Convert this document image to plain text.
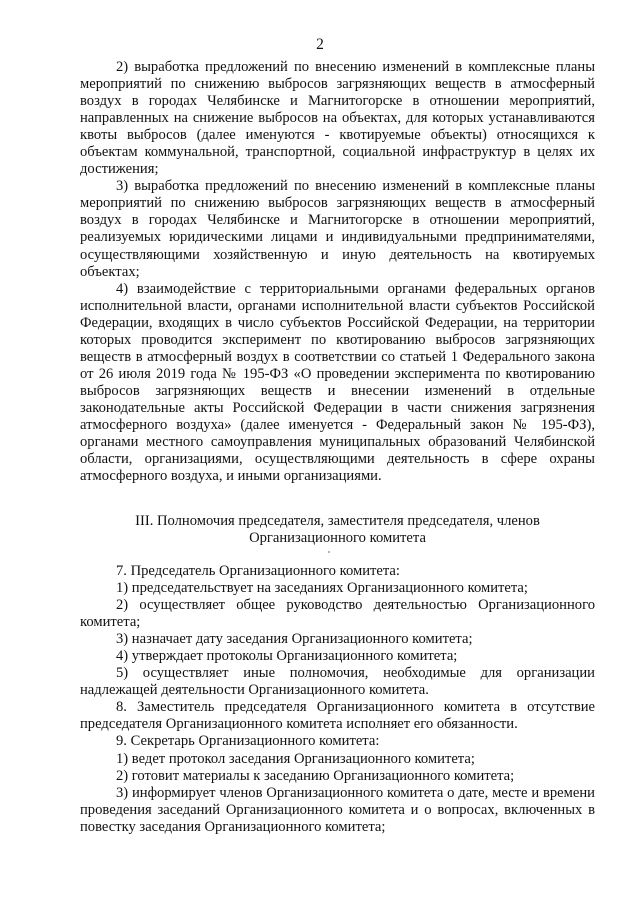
2

2) выработка предложений по внесению изменений в комплексные планы мероприятий по снижению выбросов загрязняющих веществ в атмосферный воздух в городах Челябинске и Магнитогорске в отношении мероприятий, направленных на снижение выбросов на объектах, для которых устанавливаются квоты выбросов (далее именуются - квотируемые объекты) относящихся к объектам коммунальной, транспортной, социальной инфраструктур в целях их достижения;

3) выработка предложений по внесению изменений в комплексные планы мероприятий по снижению выбросов загрязняющих веществ в атмосферный воздух в городах Челябинске и Магнитогорске в отношении мероприятий, реализуемых юридическими лицами и индивидуальными предпринимателями, осуществляющими хозяйственную и иную деятельность на квотируемых объектах;

4) взаимодействие с территориальными органами федеральных органов исполнительной власти, органами исполнительной власти субъектов Российской Федерации, входящих в число субъектов Российской Федерации, на территории которых проводится эксперимент по квотированию выбросов загрязняющих веществ в атмосферный воздух в соответствии со статьей 1 Федерального закона от 26 июля 2019 года № 195-ФЗ «О проведении эксперимента по квотированию выбросов загрязняющих веществ и внесении изменений в отдельные законодательные акты Российской Федерации в части снижения загрязнения атмосферного воздуха» (далее именуется - Федеральный закон № 195-ФЗ), органами местного самоуправления муниципальных образований Челябинской области, организациями, осуществляющими деятельность в сфере охраны атмосферного воздуха, и иными организациями.

III. Полномочия председателя, заместителя председателя, членов
Организационного комитета

7. Председатель Организационного комитета:

1) председательствует на заседаниях Организационного комитета;

2) осуществляет общее руководство деятельностью Организационного комитета;

3) назначает дату заседания Организационного комитета;

4) утверждает протоколы Организационного комитета;

5) осуществляет иные полномочия, необходимые для организации надлежащей деятельности Организационного комитета.

8. Заместитель председателя Организационного комитета в отсутствие председателя Организационного комитета исполняет его обязанности.

9. Секретарь Организационного комитета:

1) ведет протокол заседания Организационного комитета;

2) готовит материалы к заседанию Организационного комитета;

3) информирует членов Организационного комитета о дате, месте и времени проведения заседаний Организационного комитета и о вопросах, включенных в повестку заседания Организационного комитета;
